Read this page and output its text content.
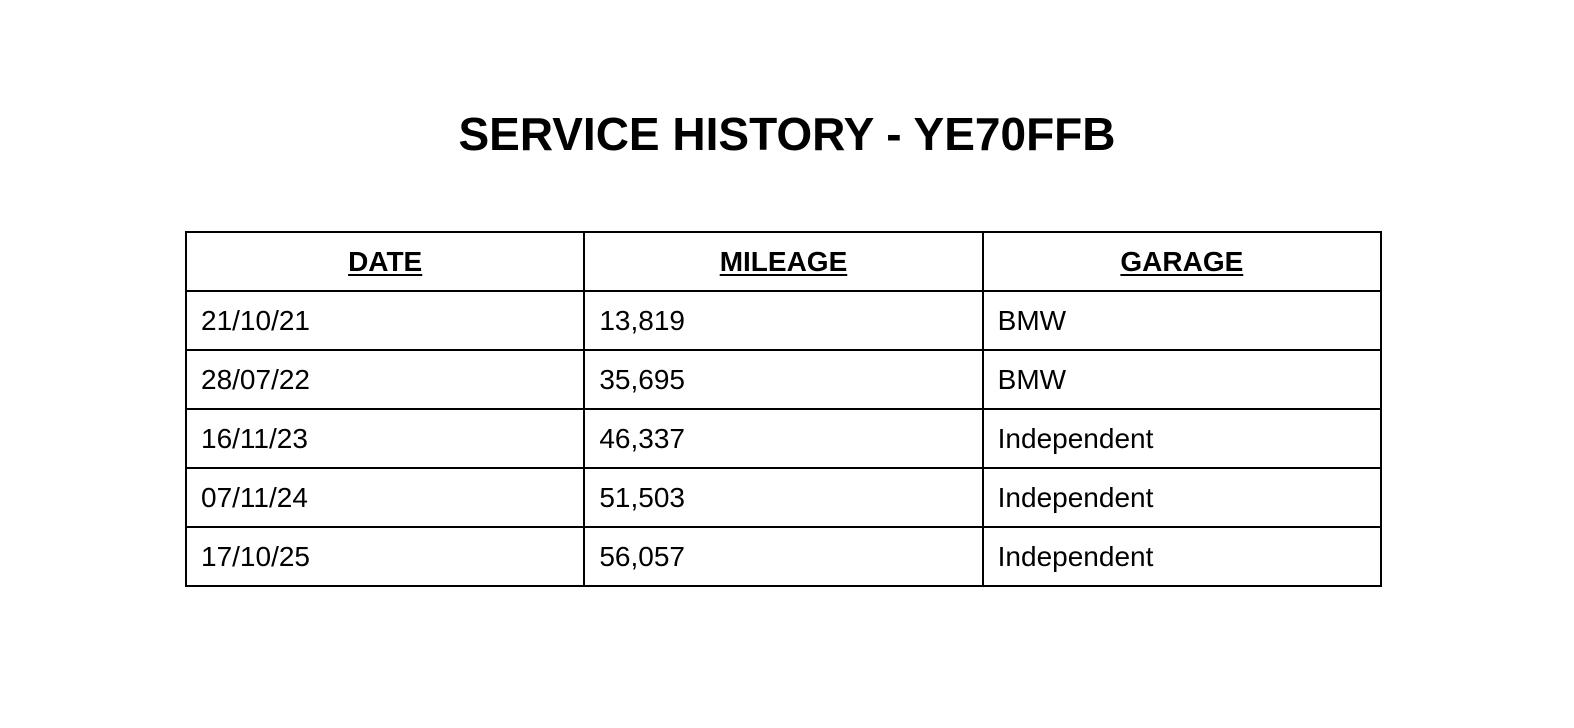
SERVICE HISTORY - YE70FFB
DATE	MILEAGE	GARAGE
21/10/21	13,819	BMW
28/07/22	35,695	BMW
16/11/23	46,337	Independent
07/11/24	51,503	Independent
17/10/25	56,057	Independent
